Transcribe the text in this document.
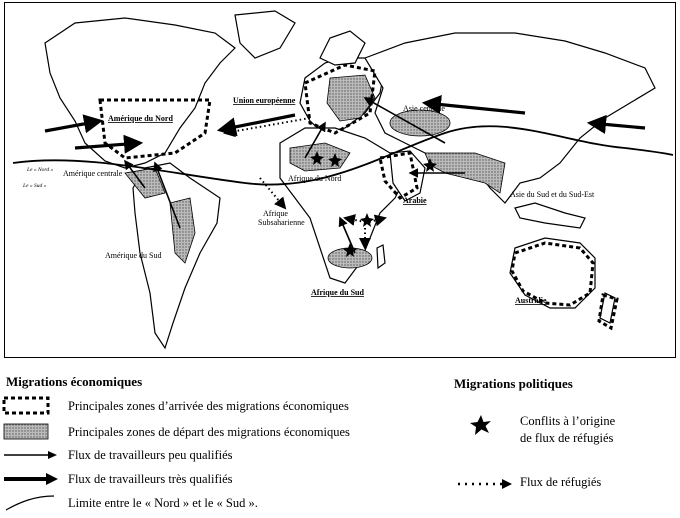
Amérique du Nord
Union européenne
Asie centrale
Amérique centrale
Afrique du Nord
Arabie
Asie du Sud et du Sud-Est
Afrique
Subsaharienne
Amérique du Sud
Afrique du Sud
Australie
Le « Nord »
Le « Sud »
Migrations économiques
Principales zones d’arrivée des migrations économiques
Principales zones de départ des migrations économiques
Flux de travailleurs peu qualifiés
Flux de travailleurs très qualifiés
Limite entre le « Nord » et le « Sud ».
Migrations politiques
Conflits à l’origine
de flux de réfugiés
Flux de réfugiés
